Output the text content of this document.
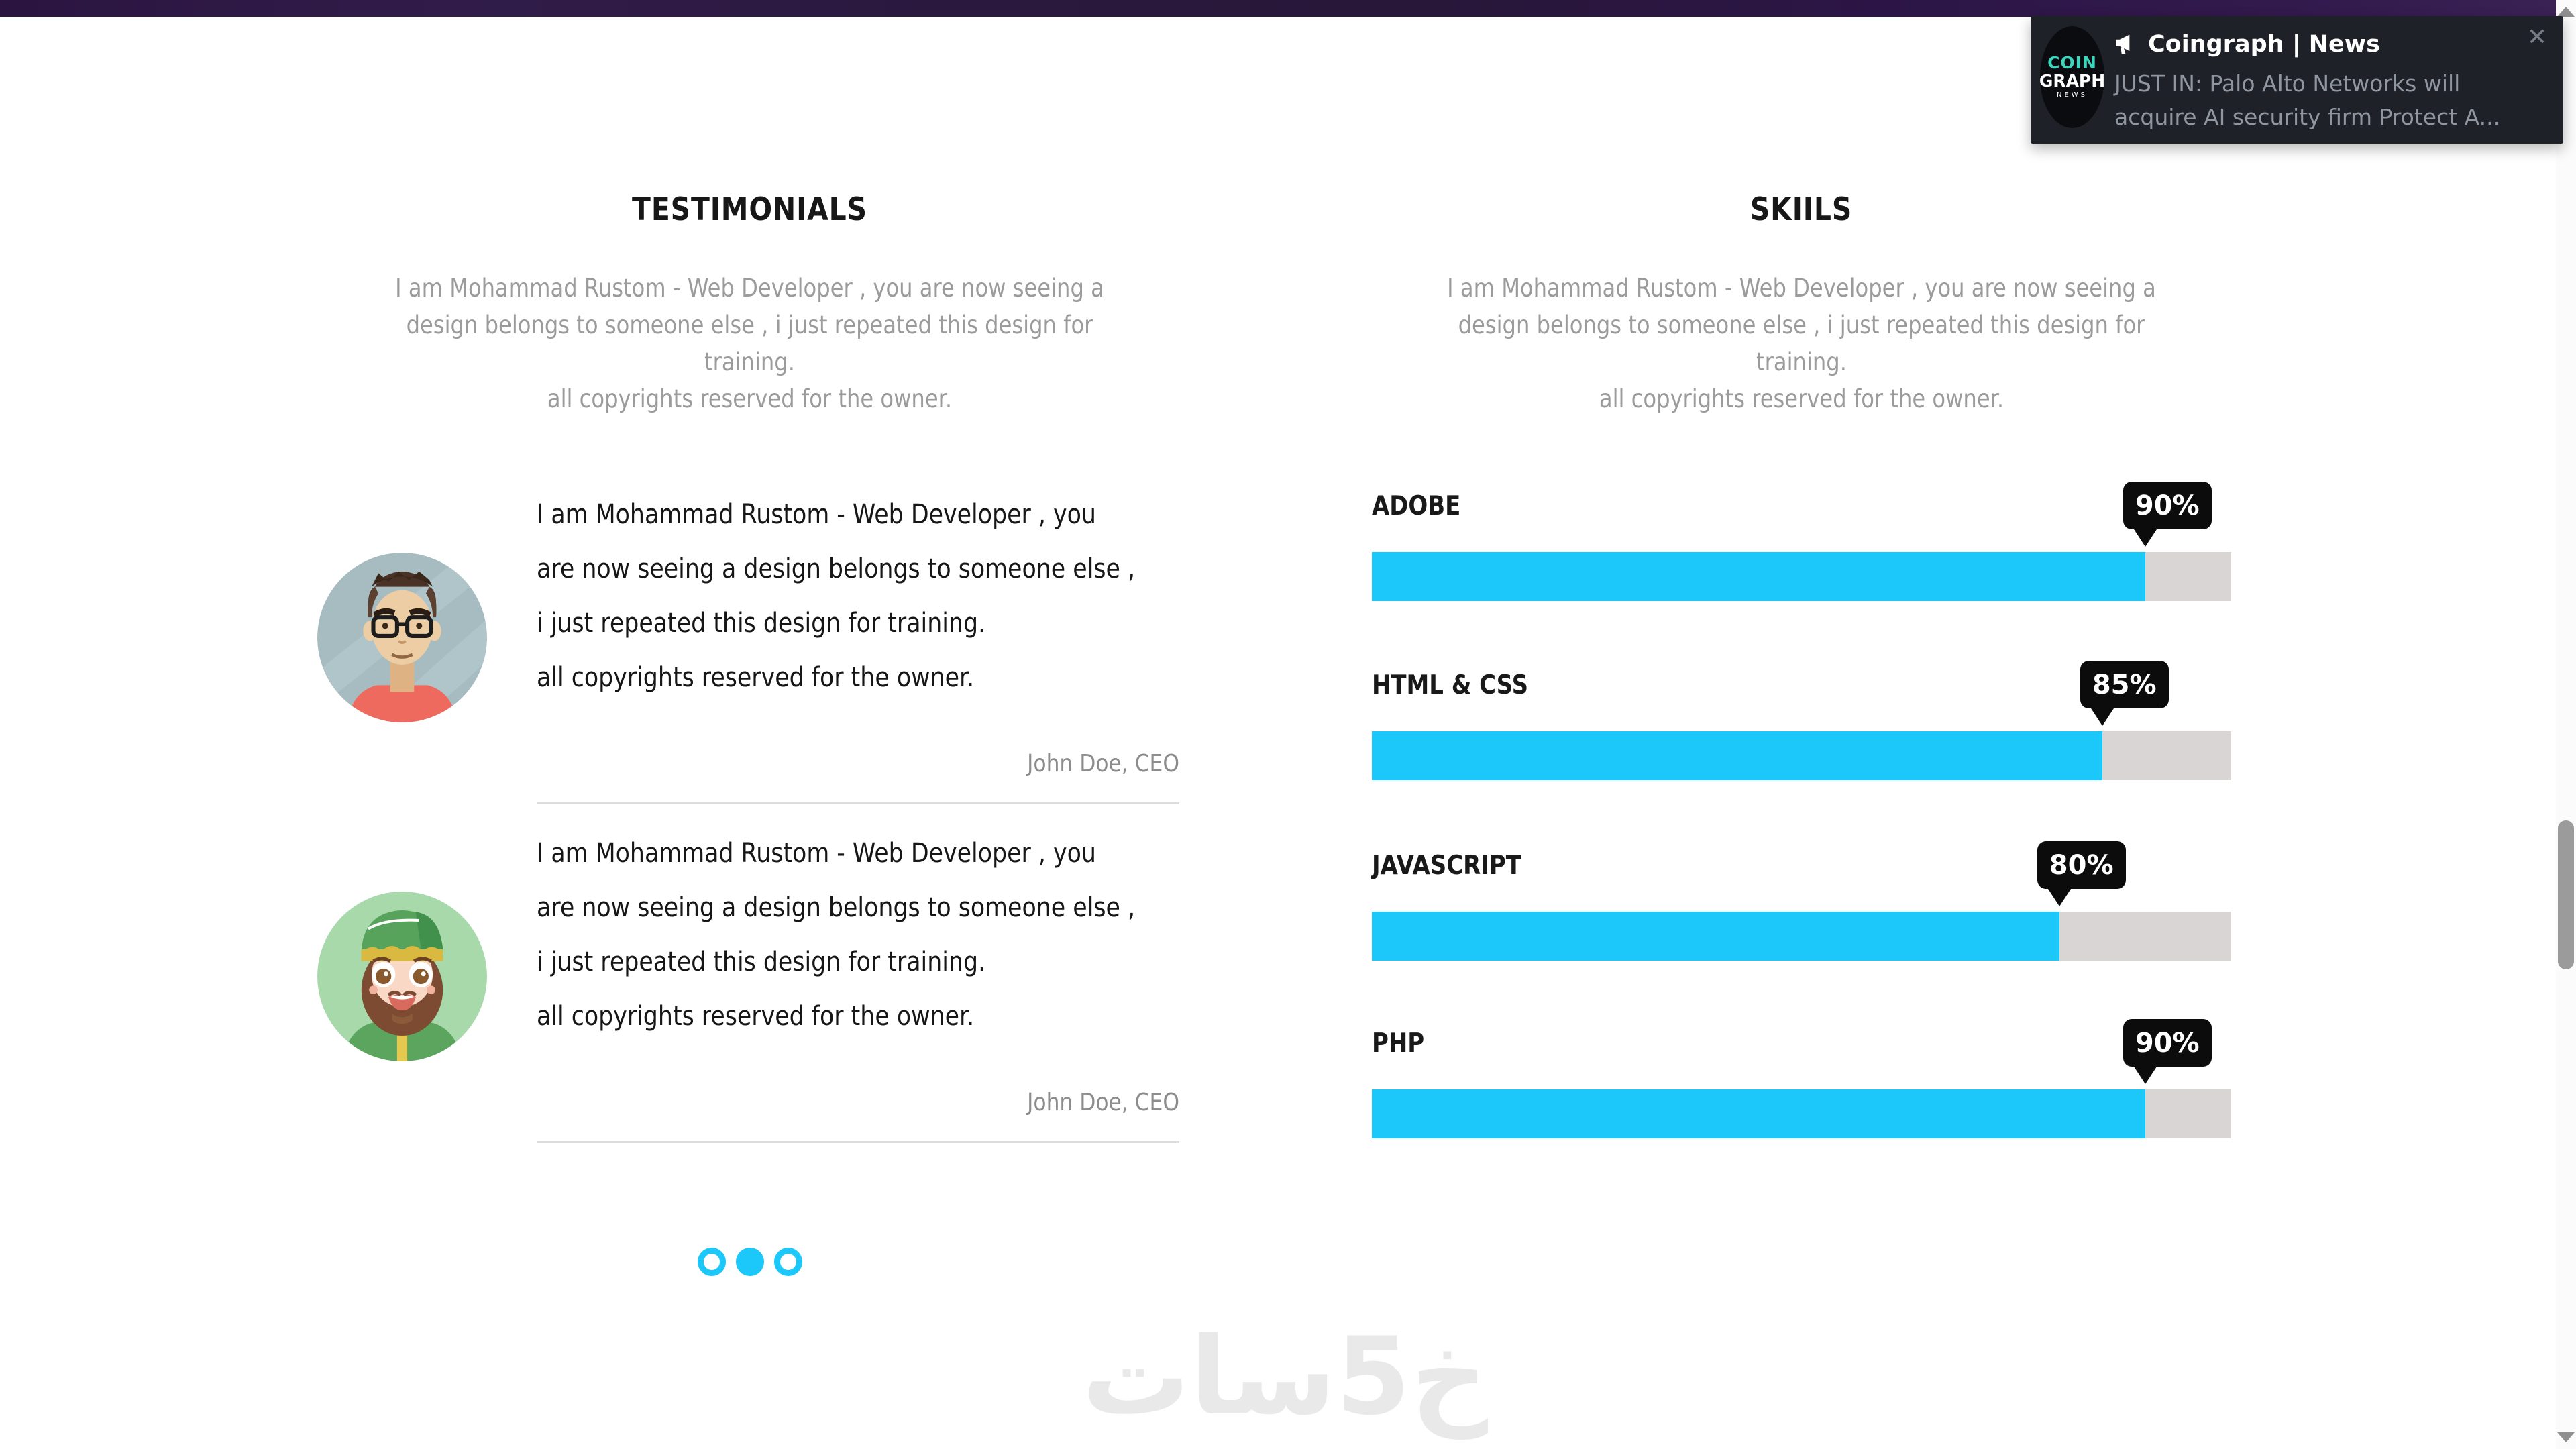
COIN
GRAPH
NEWS
Coingraph | News
JUST IN: Palo Alto Networks will
acquire AI security firm Protect A...
✕
TESTIMONIALS
I am Mohammad Rustom - Web Developer , you are now seeing a
design belongs to someone else , i just repeated this design for
training.
all copyrights reserved for the owner.
I am Mohammad Rustom - Web Developer , you
are now seeing a design belongs to someone else ,
i just repeated this design for training.
all copyrights reserved for the owner.
John Doe, CEO
I am Mohammad Rustom - Web Developer , you
are now seeing a design belongs to someone else ,
i just repeated this design for training.
all copyrights reserved for the owner.
John Doe, CEO
SKIILS
I am Mohammad Rustom - Web Developer , you are now seeing a
design belongs to someone else , i just repeated this design for
training.
all copyrights reserved for the owner.
ADOBE	90%
HTML & CSS	85%
JAVASCRIPT	80%
PHP	90%
خ5سات
